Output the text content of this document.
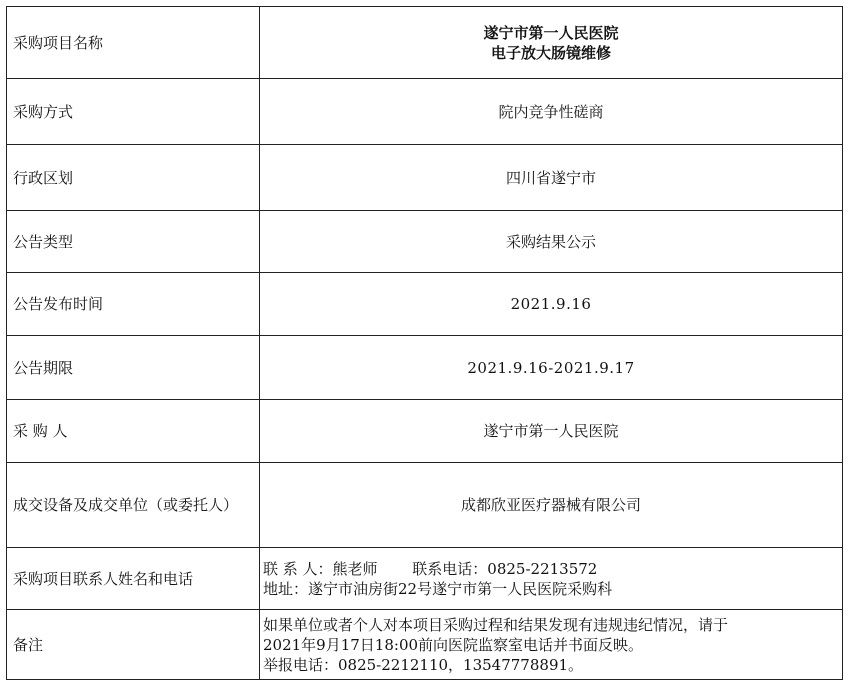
采购项目名称	遂宁市第一人民医院
电子放大肠镜维修

采购方式	院内竞争性磋商
行政区划	四川省遂宁市
公告类型	采购结果公示
公告发布时间	2021.9.16
公告期限	2021.9.16-2021.9.17
采 购 人	遂宁市第一人民医院
成交设备及成交单位（或委托人）	成都欣亚医疗器械有限公司
采购项目联系人姓名和电话	联 系 人：熊老师　　 联系电话：0825-2213572
地址：遂宁市油房街22号遂宁市第一人民医院采购科

备注	如果单位或者个人对本项目采购过程和结果发现有违规违纪情况，请于
2021年9月17日18:00前向医院监察室电话并书面反映。
举报电话：0825-2212110，13547778891。
